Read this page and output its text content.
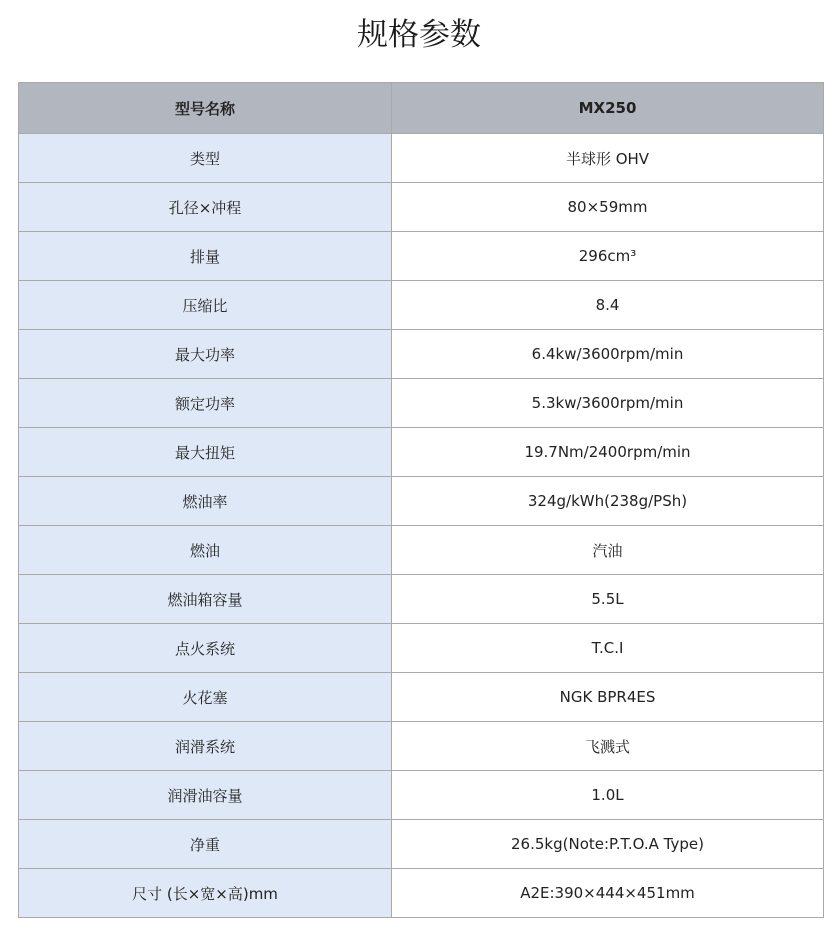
规格参数
型号名称	MX250
类型	半球形 OHV
孔径×冲程	80×59mm
排量	296cm³
压缩比	8.4
最大功率	6.4kw/3600rpm/min
额定功率	5.3kw/3600rpm/min
最大扭矩	19.7Nm/2400rpm/min
燃油率	324g/kWh(238g/PSh)
燃油	汽油
燃油箱容量	5.5L
点火系统	T.C.I
火花塞	NGK BPR4ES
润滑系统	飞溅式
润滑油容量	1.0L
净重	26.5kg(Note:P.T.O.A Type)
尺寸 (长×宽×高)mm	A2E:390×444×451mm
